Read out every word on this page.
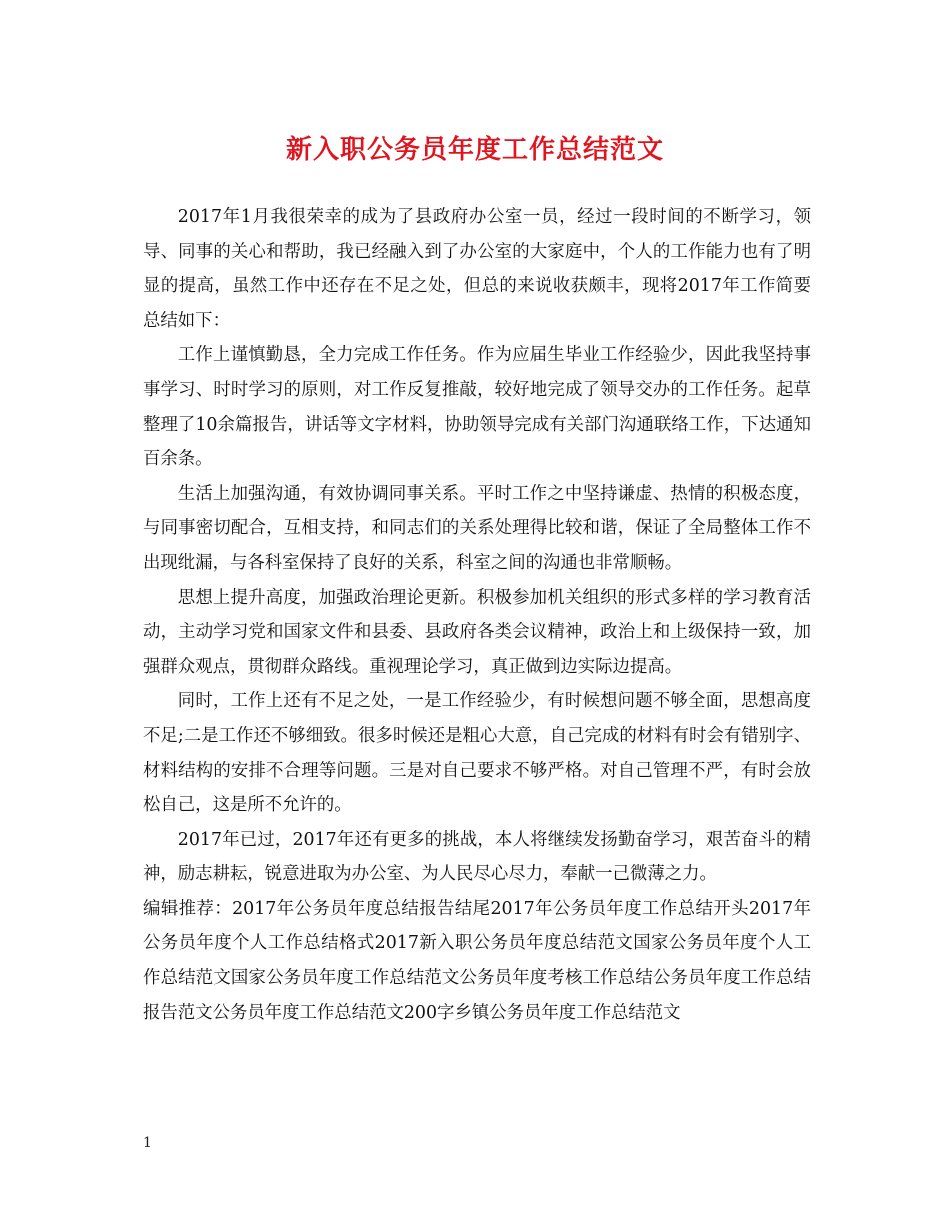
新入职公务员年度工作总结范文

2017年1月我很荣幸的成为了县政府办公室一员，经过一段时间的不断学习，领导、同事的关心和帮助，我已经融入到了办公室的大家庭中，个人的工作能力也有了明显的提高，虽然工作中还存在不足之处，但总的来说收获颇丰，现将2017年工作简要总结如下：

工作上谨慎勤恳，全力完成工作任务。作为应届生毕业工作经验少，因此我坚持事事学习、时时学习的原则，对工作反复推敲，较好地完成了领导交办的工作任务。起草整理了10余篇报告，讲话等文字材料，协助领导完成有关部门沟通联络工作，下达通知百余条。

生活上加强沟通，有效协调同事关系。平时工作之中坚持谦虚、热情的积极态度，与同事密切配合，互相支持，和同志们的关系处理得比较和谐，保证了全局整体工作不出现纰漏，与各科室保持了良好的关系，科室之间的沟通也非常顺畅。

思想上提升高度，加强政治理论更新。积极参加机关组织的形式多样的学习教育活动，主动学习党和国家文件和县委、县政府各类会议精神，政治上和上级保持一致，加强群众观点，贯彻群众路线。重视理论学习，真正做到边实际边提高。

同时，工作上还有不足之处，一是工作经验少，有时候想问题不够全面，思想高度不足;二是工作还不够细致。很多时候还是粗心大意，自己完成的材料有时会有错别字、材料结构的安排不合理等问题。三是对自己要求不够严格。对自己管理不严，有时会放松自己，这是所不允许的。

2017年已过，2017年还有更多的挑战，本人将继续发扬勤奋学习，艰苦奋斗的精神，励志耕耘，锐意进取为办公室、为人民尽心尽力，奉献一己微薄之力。

编辑推荐：2017年公务员年度总结报告结尾2017年公务员年度工作总结开头2017年公务员年度个人工作总结格式2017新入职公务员年度总结范文国家公务员年度个人工作总结范文国家公务员年度工作总结范文公务员年度考核工作总结公务员年度工作总结报告范文公务员年度工作总结范文200字乡镇公务员年度工作总结范文

1
